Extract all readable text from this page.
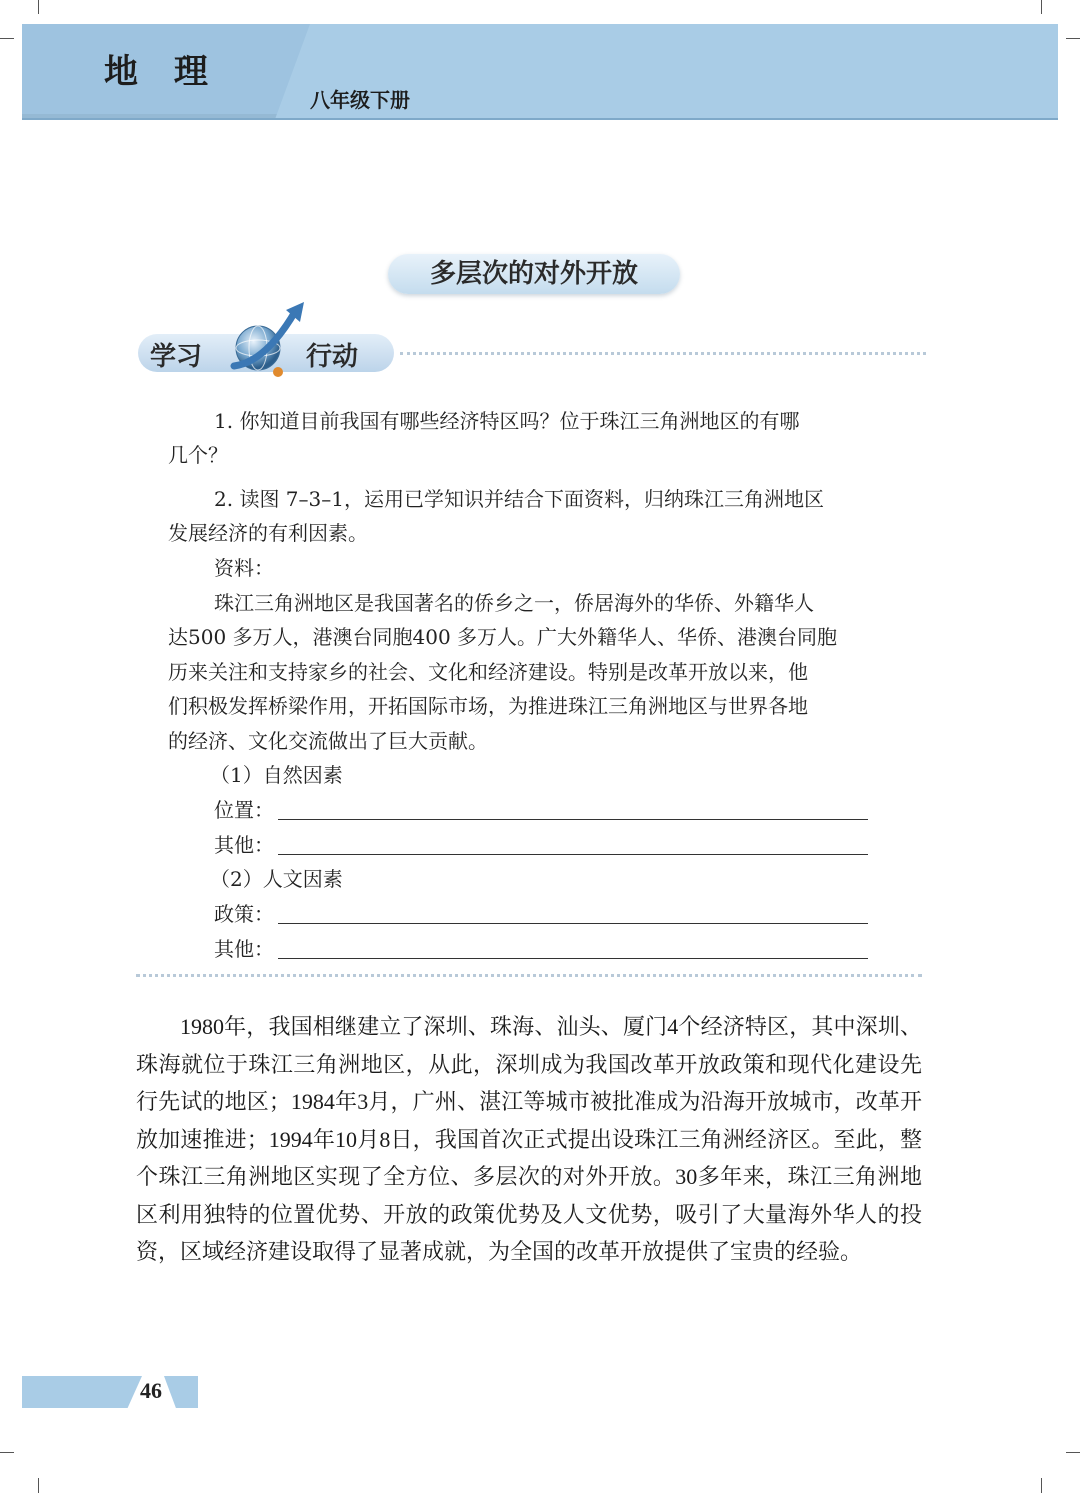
地 理
八年级下册
多层次的对外开放
学习	行动
1. 你知道目前我国有哪些经济特区吗？位于珠江三角洲地区的有哪
几个？
2. 读图 7–3–1，运用已学知识并结合下面资料，归纳珠江三角洲地区
发展经济的有利因素。
资料：
珠江三角洲地区是我国著名的侨乡之一，侨居海外的华侨、外籍华人
达500 多万人，港澳台同胞400 多万人。广大外籍华人、华侨、港澳台同胞
历来关注和支持家乡的社会、文化和经济建设。特别是改革开放以来，他
们积极发挥桥梁作用，开拓国际市场，为推进珠江三角洲地区与世界各地
的经济、文化交流做出了巨大贡献。
（1）自然因素
位置：
其他：
（2）人文因素
政策：
其他：
1980年，我国相继建立了深圳、珠海、汕头、厦门4个经济特区，其中深圳、珠海就位于珠江三角洲地区，从此，深圳成为我国改革开放政策和现代化建设先行先试的地区；1984年3月，广州、湛江等城市被批准成为沿海开放城市，改革开放加速推进；1994年10月8日，我国首次正式提出设珠江三角洲经济区。至此，整个珠江三角洲地区实现了全方位、多层次的对外开放。30多年来，珠江三角洲地区利用独特的位置优势、开放的政策优势及人文优势，吸引了大量海外华人的投资，区域经济建设取得了显著成就，为全国的改革开放提供了宝贵的经验。
46
